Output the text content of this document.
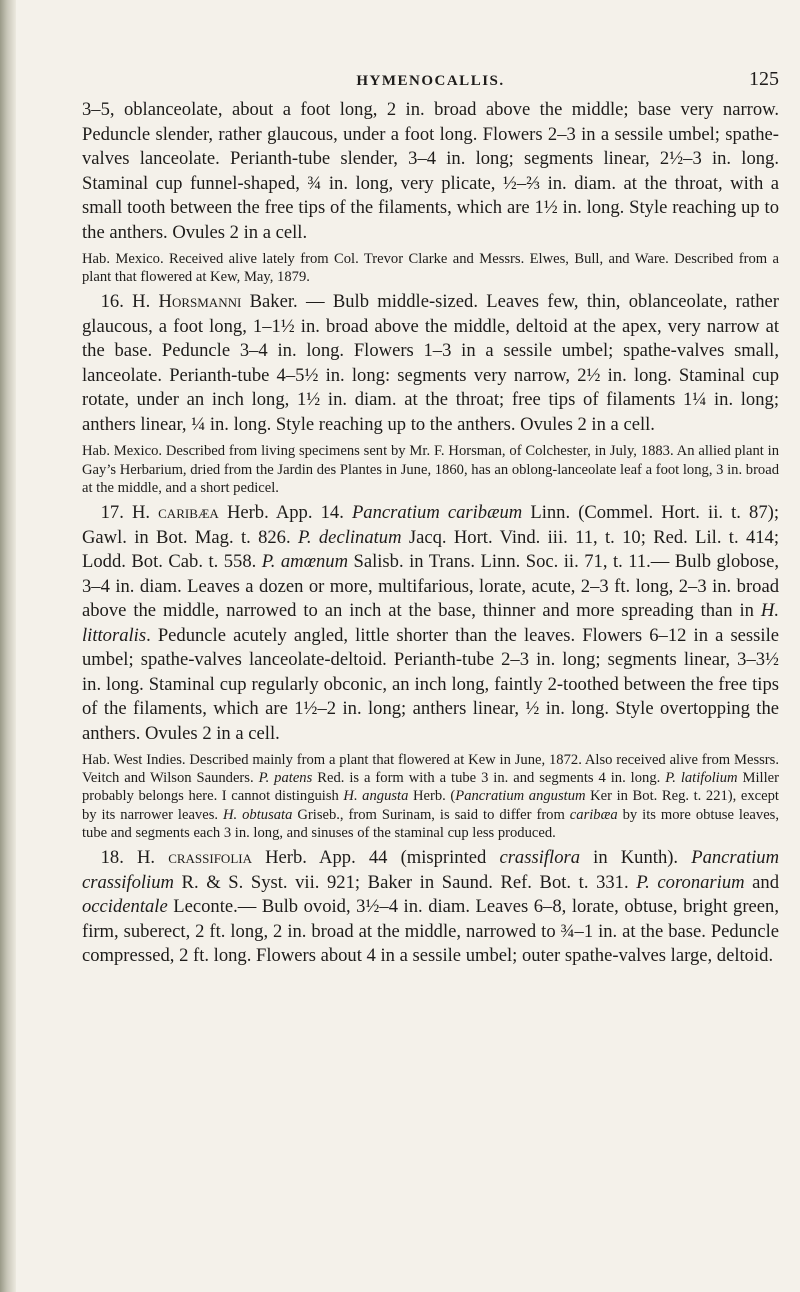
HYMENOCALLIS.	125

3–5, oblanceolate, about a foot long, 2 in. broad above the middle; base very narrow. Peduncle slender, rather glaucous, under a foot long. Flowers 2–3 in a sessile umbel; spathe-valves lanceolate. Perianth-tube slender, 3–4 in. long; segments linear, 2½–3 in. long. Staminal cup funnel-shaped, ¾ in. long, very plicate, ½–⅔ in. diam. at the throat, with a small tooth between the free tips of the filaments, which are 1½ in. long. Style reaching up to the anthers. Ovules 2 in a cell.

Hab. Mexico. Received alive lately from Col. Trevor Clarke and Messrs. Elwes, Bull, and Ware. Described from a plant that flowered at Kew, May, 1879.

 16. H. Horsmanni Baker. — Bulb middle-sized. Leaves few, thin, oblanceolate, rather glaucous, a foot long, 1–1½ in. broad above the middle, deltoid at the apex, very narrow at the base. Peduncle 3–4 in. long. Flowers 1–3 in a sessile umbel; spathe-valves small, lanceolate. Perianth-tube 4–5½ in. long: segments very narrow, 2½ in. long. Staminal cup rotate, under an inch long, 1½ in. diam. at the throat; free tips of filaments 1¼ in. long; anthers linear, ¼ in. long. Style reaching up to the anthers. Ovules 2 in a cell.

Hab. Mexico. Described from living specimens sent by Mr. F. Horsman, of Colchester, in July, 1883. An allied plant in Gay’s Herbarium, dried from the Jardin des Plantes in June, 1860, has an oblong-lanceolate leaf a foot long, 3 in. broad at the middle, and a short pedicel.

 17. H. caribæa Herb. App. 14. Pancratium caribæum Linn. (Commel. Hort. ii. t. 87); Gawl. in Bot. Mag. t. 826. P. declinatum Jacq. Hort. Vind. iii. 11, t. 10; Red. Lil. t. 414; Lodd. Bot. Cab. t. 558. P. amœnum Salisb. in Trans. Linn. Soc. ii. 71, t. 11.— Bulb globose, 3–4 in. diam. Leaves a dozen or more, multifarious, lorate, acute, 2–3 ft. long, 2–3 in. broad above the middle, narrowed to an inch at the base, thinner and more spreading than in H. littoralis. Peduncle acutely angled, little shorter than the leaves. Flowers 6–12 in a sessile umbel; spathe-valves lanceolate-deltoid. Perianth-tube 2–3 in. long; segments linear, 3–3½ in. long. Staminal cup regularly obconic, an inch long, faintly 2-toothed between the free tips of the filaments, which are 1½–2 in. long; anthers linear, ½ in. long. Style overtopping the anthers. Ovules 2 in a cell.

Hab. West Indies. Described mainly from a plant that flowered at Kew in June, 1872. Also received alive from Messrs. Veitch and Wilson Saunders. P. patens Red. is a form with a tube 3 in. and segments 4 in. long. P. latifolium Miller probably belongs here. I cannot distinguish H. angusta Herb. (Pancratium angustum Ker in Bot. Reg. t. 221), except by its narrower leaves. H. obtusata Griseb., from Surinam, is said to differ from caribæa by its more obtuse leaves, tube and segments each 3 in. long, and sinuses of the staminal cup less produced.

 18. H. crassifolia Herb. App. 44 (misprinted crassiflora in Kunth). Pancratium crassifolium R. & S. Syst. vii. 921; Baker in Saund. Ref. Bot. t. 331. P. coronarium and occidentale Leconte.— Bulb ovoid, 3½–4 in. diam. Leaves 6–8, lorate, obtuse, bright green, firm, suberect, 2 ft. long, 2 in. broad at the middle, narrowed to ¾–1 in. at the base. Peduncle compressed, 2 ft. long. Flowers about 4 in a sessile umbel; outer spathe-valves large, deltoid.
